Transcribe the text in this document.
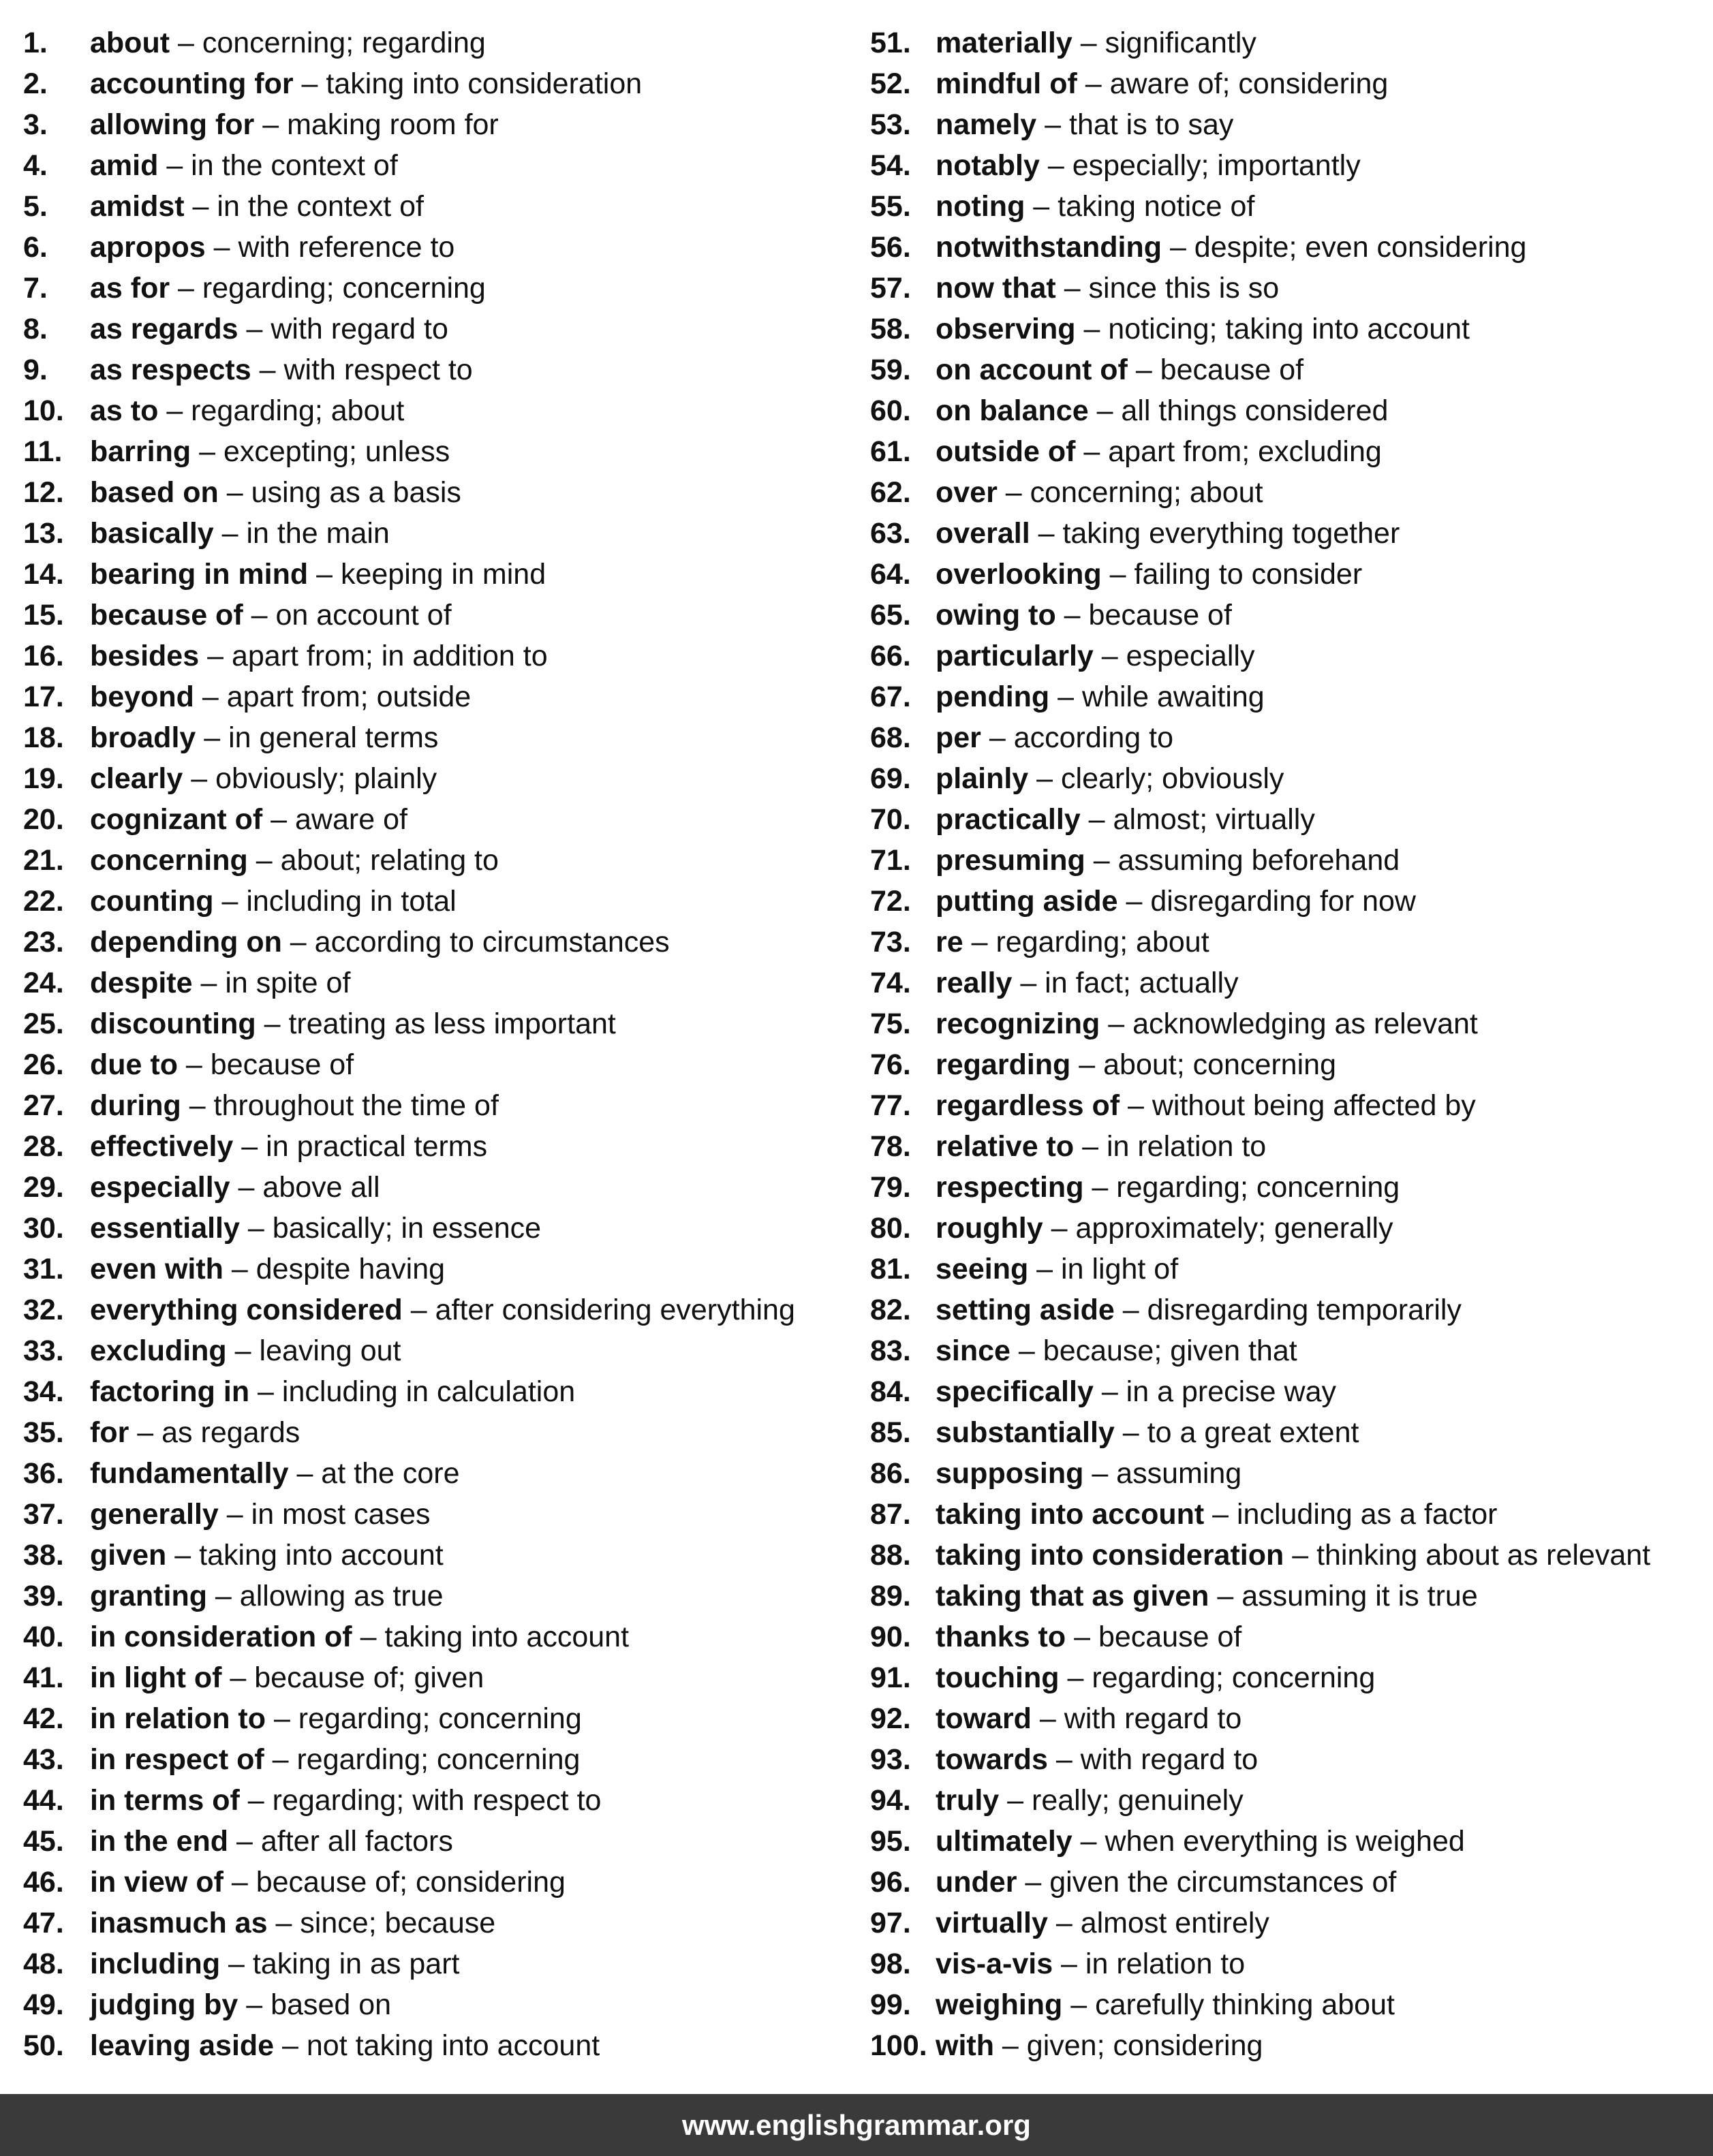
1. about – concerning; regarding
2. accounting for – taking into consideration
3. allowing for – making room for
4. amid – in the context of
5. amidst – in the context of
6. apropos – with reference to
7. as for – regarding; concerning
8. as regards – with regard to
9. as respects – with respect to
10. as to – regarding; about
11. barring – excepting; unless
12. based on – using as a basis
13. basically – in the main
14. bearing in mind – keeping in mind
15. because of – on account of
16. besides – apart from; in addition to
17. beyond – apart from; outside
18. broadly – in general terms
19. clearly – obviously; plainly
20. cognizant of – aware of
21. concerning – about; relating to
22. counting – including in total
23. depending on – according to circumstances
24. despite – in spite of
25. discounting – treating as less important
26. due to – because of
27. during – throughout the time of
28. effectively – in practical terms
29. especially – above all
30. essentially – basically; in essence
31. even with – despite having
32. everything considered – after considering everything
33. excluding – leaving out
34. factoring in – including in calculation
35. for – as regards
36. fundamentally – at the core
37. generally – in most cases
38. given – taking into account
39. granting – allowing as true
40. in consideration of – taking into account
41. in light of – because of; given
42. in relation to – regarding; concerning
43. in respect of – regarding; concerning
44. in terms of – regarding; with respect to
45. in the end – after all factors
46. in view of – because of; considering
47. inasmuch as – since; because
48. including – taking in as part
49. judging by – based on
50. leaving aside – not taking into account
51. materially – significantly
52. mindful of – aware of; considering
53. namely – that is to say
54. notably – especially; importantly
55. noting – taking notice of
56. notwithstanding – despite; even considering
57. now that – since this is so
58. observing – noticing; taking into account
59. on account of – because of
60. on balance – all things considered
61. outside of – apart from; excluding
62. over – concerning; about
63. overall – taking everything together
64. overlooking – failing to consider
65. owing to – because of
66. particularly – especially
67. pending – while awaiting
68. per – according to
69. plainly – clearly; obviously
70. practically – almost; virtually
71. presuming – assuming beforehand
72. putting aside – disregarding for now
73. re – regarding; about
74. really – in fact; actually
75. recognizing – acknowledging as relevant
76. regarding – about; concerning
77. regardless of – without being affected by
78. relative to – in relation to
79. respecting – regarding; concerning
80. roughly – approximately; generally
81. seeing – in light of
82. setting aside – disregarding temporarily
83. since – because; given that
84. specifically – in a precise way
85. substantially – to a great extent
86. supposing – assuming
87. taking into account – including as a factor
88. taking into consideration – thinking about as relevant
89. taking that as given – assuming it is true
90. thanks to – because of
91. touching – regarding; concerning
92. toward – with regard to
93. towards – with regard to
94. truly – really; genuinely
95. ultimately – when everything is weighed
96. under – given the circumstances of
97. virtually – almost entirely
98. vis-a-vis – in relation to
99. weighing – carefully thinking about
100. with – given; considering
www.englishgrammar.org
